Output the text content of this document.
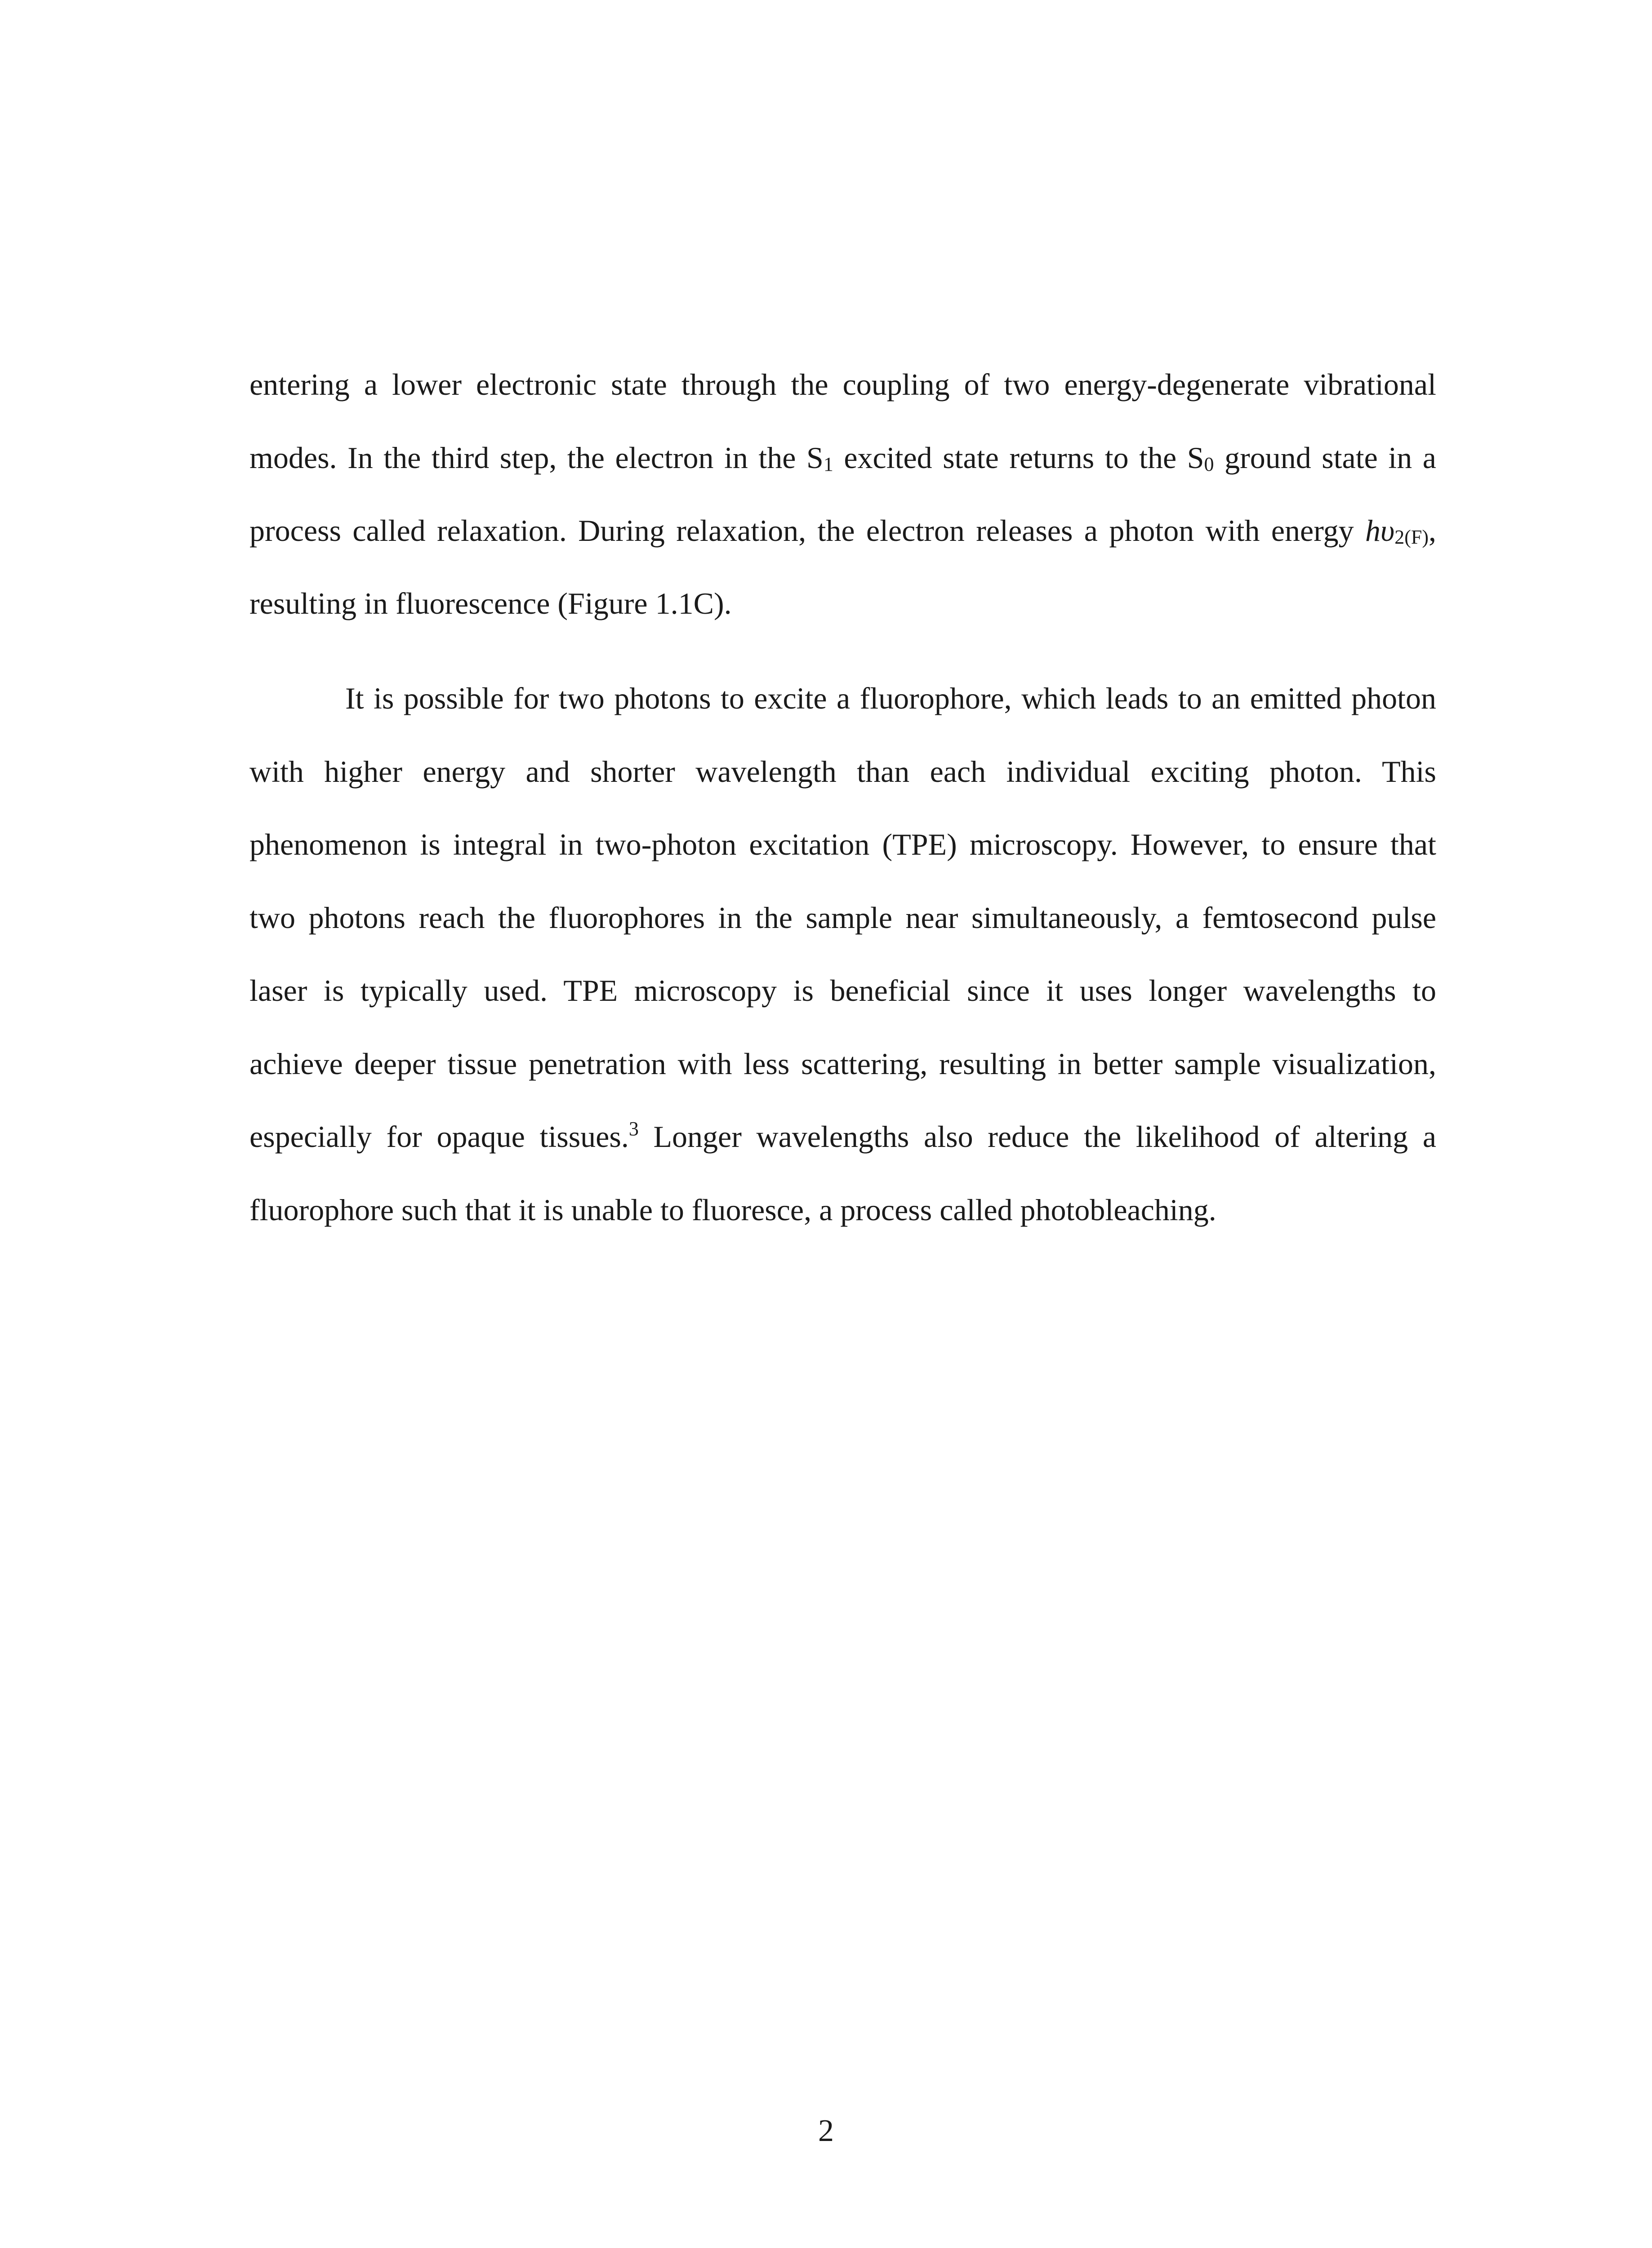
entering a lower electronic state through the coupling of two energy-degenerate vibrational
modes. In the third step, the electron in the S1 excited state returns to the S0 ground state in a
process called relaxation. During relaxation, the electron releases a photon with energy hυ2(F),
resulting in fluorescence (Figure 1.1C).
It is possible for two photons to excite a fluorophore, which leads to an emitted photon
with higher energy and shorter wavelength than each individual exciting photon. This
phenomenon is integral in two-photon excitation (TPE) microscopy. However, to ensure that
two photons reach the fluorophores in the sample near simultaneously, a femtosecond pulse
laser is typically used. TPE microscopy is beneficial since it uses longer wavelengths to
achieve deeper tissue penetration with less scattering, resulting in better sample visualization,
especially for opaque tissues.$^3$ Longer wavelengths also reduce the likelihood of altering a
fluorophore such that it is unable to fluoresce, a process called photobleaching.
2
